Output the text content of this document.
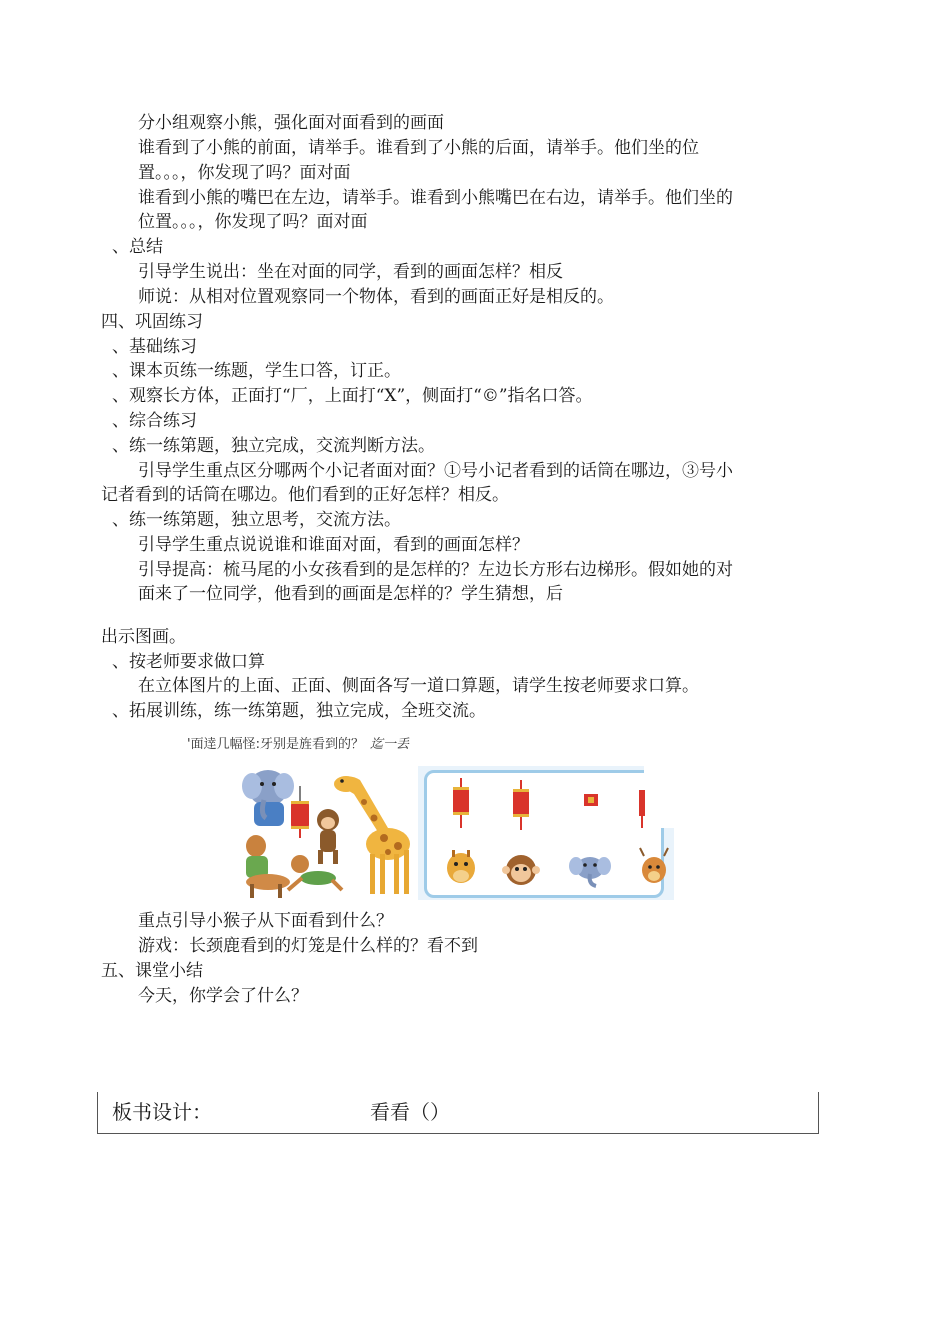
分小组观察小熊，强化面对面看到的画面
谁看到了小熊的前面，请举手。谁看到了小熊的后面，请举手。他们坐的位
置。。。，你发现了吗？面对面
谁看到小熊的嘴巴在左边，请举手。谁看到小熊嘴巴在右边，请举手。他们坐的
位置。。。，你发现了吗？面对面
、总结
引导学生说出：坐在对面的同学，看到的画面怎样？相反
师说：从相对位置观察同一个物体，看到的画面正好是相反的。
四、巩固练习
、基础练习
、课本页练一练题，学生口答，订正。
、观察长方体，正面打“厂，上面打“X”，侧面打“©”指名口答。
、综合练习
、练一练第题，独立完成，交流判断方法。
引导学生重点区分哪两个小记者面对面？①号小记者看到的话筒在哪边，③号小
记者看到的话筒在哪边。他们看到的正好怎样？相反。
、练一练第题，独立思考，交流方法。
引导学生重点说说谁和谁面对面，看到的画面怎样？
引导提高：梳马尾的小女孩看到的是怎样的？左边长方形右边梯形。假如她的对
面来了一位同学，他看到的画面是怎样的？学生猜想，后
出示图画。
、按老师要求做口算
在立体图片的上面、正面、侧面各写一道口算题，请学生按老师要求口算。
、拓展训练，练一练第题，独立完成，全班交流。
'面逹几幅怪:牙别是旌看到的？ 迄一丢
重点引导小猴子从下面看到什么？
游戏：长颈鹿看到的灯笼是什么样的？看不到
五、课堂小结
今天，你学会了什么？
板书设计：	看看（）
